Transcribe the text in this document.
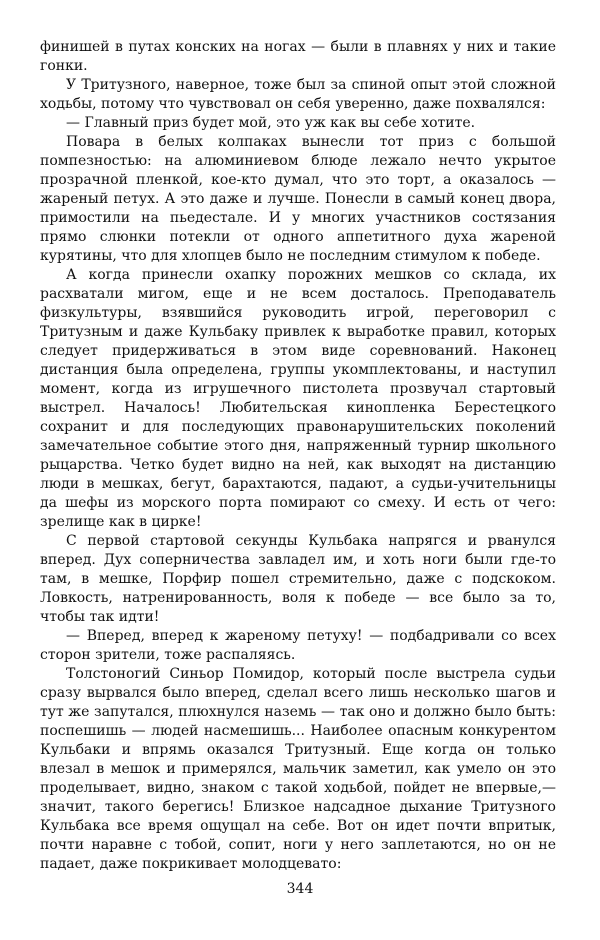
финишей в путах конских на ногах — были в плавнях у них и такие гонки.

У Тритузного, наверное, тоже был за спиной опыт этой сложной ходьбы, потому что чувствовал он себя уверенно, даже похвалялся:

— Главный приз будет мой, это уж как вы себе хотите.

Повара в белых колпаках вынесли тот приз с большой помпезностью: на алюминиевом блюде лежало нечто укрытое прозрачной пленкой, кое-кто думал, что это торт, а оказалось — жареный петух. А это даже и лучше. Понесли в самый конец двора, примостили на пьедестале. И у многих участников состязания прямо слюнки потекли от одного аппетитного духа жареной курятины, что для хлопцев было не последним стимулом к победе.

А когда принесли охапку порожних мешков со склада, их расхватали мигом, еще и не всем досталось. Преподаватель физкультуры, взявшийся руководить игрой, переговорил с Тритузным и даже Кульбаку привлек к выработке правил, которых следует придерживаться в этом виде соревнований. Наконец дистанция была определена, группы укомплектованы, и наступил момент, когда из игрушечного пистолета прозвучал стартовый выстрел. Началось! Любительская кинопленка Берестецкого сохранит и для последующих правонарушительских поколений замечательное событие этого дня, напряженный турнир школьного рыцарства. Четко будет видно на ней, как выходят на дистанцию люди в мешках, бегут, барахтаются, падают, а судьи-учительницы да шефы из морского порта помирают со смеху. И есть от чего: зрелище как в цирке!

С первой стартовой секунды Кульбака напрягся и рванулся вперед. Дух соперничества завладел им, и хоть ноги были где-то там, в мешке, Порфир пошел стремительно, даже с подскоком. Ловкость, натренированность, воля к победе — все было за то, чтобы так идти!

— Вперед, вперед к жареному петуху! — подбадривали со всех сторон зрители, тоже распаляясь.

Толстоногий Синьор Помидор, который после выстрела судьи сразу вырвался было вперед, сделал всего лишь несколько шагов и тут же запутался, плюхнулся наземь — так оно и должно было быть: поспешишь — людей насмешишь... Наиболее опасным конкурентом Кульбаки и впрямь оказался Тритузный. Еще когда он только влезал в мешок и примерялся, мальчик заметил, как умело он это проделывает, видно, знаком с такой ходьбой, пойдет не впервые,— значит, такого берегись! Близкое надсадное дыхание Тритузного Кульбака все время ощущал на себе. Вот он идет почти впритык, почти наравне с тобой, сопит, ноги у него заплетаются, но он не падает, даже покрикивает молодцевато:

344
